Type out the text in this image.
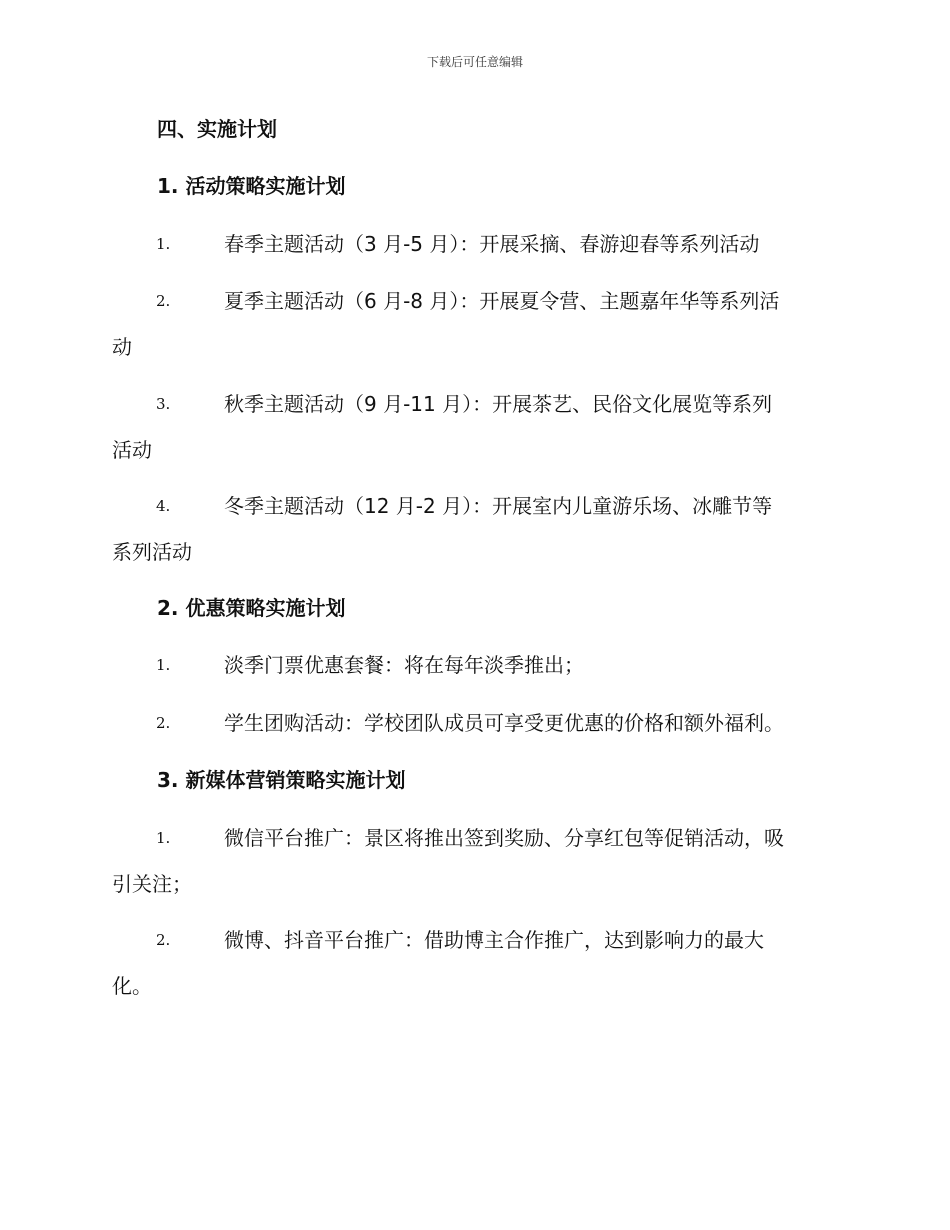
下载后可任意编辑
四、实施计划
1. 活动策略实施计划
1.	春季主题活动（3 月-5 月）：开展采摘、春游迎春等系列活动
2.	夏季主题活动（6 月-8 月）：开展夏令营、主题嘉年华等系列活
动
3.	秋季主题活动（9 月-11 月）：开展茶艺、民俗文化展览等系列
活动
4.	冬季主题活动（12 月-2 月）：开展室内儿童游乐场、冰雕节等
系列活动
2. 优惠策略实施计划
1.	淡季门票优惠套餐：将在每年淡季推出；
2.	学生团购活动：学校团队成员可享受更优惠的价格和额外福利。
3. 新媒体营销策略实施计划
1.	微信平台推广：景区将推出签到奖励、分享红包等促销活动，吸
引关注；
2.	微博、抖音平台推广：借助博主合作推广，达到影响力的最大
化。
